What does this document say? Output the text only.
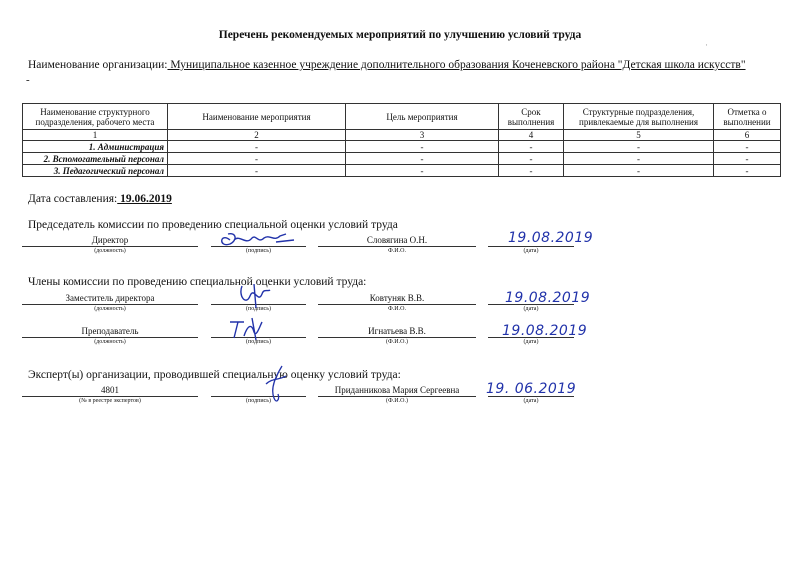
Перечень рекомендуемых мероприятий по улучшению условий труда
·
Наименование организации: Муниципальное казенное учреждение дополнительного образования Коченевского района "Детская школа искусств"
-
Наименование структурного подразделения, рабочего места	Наименование мероприятия	Цель мероприятия	Срок выполнения	Структурные подразделения, привлекаемые для выполнения	Отметка о выполнении
1	2	3	4	5	6
1. Администрация	-	-	-	-	-
2. Вспомогательный персонал	-	-	-	-	-
3. Педагогический персонал	-	-	-	-	-
Дата составления: 19.06.2019
Председатель комиссии по проведению специальной оценки условий труда
Директор
(должность)	(подпись)
Словягина О.Н.
Ф.И.О.
19.08.2019
(дата)
Члены комиссии по проведению специальной оценки условий труда:
Заместитель директора
(должность)	(подпись)
Ковтуняк В.В.
Ф.И.О.
19.08.2019
(дата)
Преподаватель
(должность)	(подпись)
Игнатьева В.В.
(Ф.И.О.)
19.08.2019
(дата)
Эксперт(ы) организации, проводившей специальную оценку условий труда:
4801
(№ в реестре экспертов)	(подпись)
Приданникова Мария Сергеевна
(Ф.И.О.)
19. 06.2019
(дата)
